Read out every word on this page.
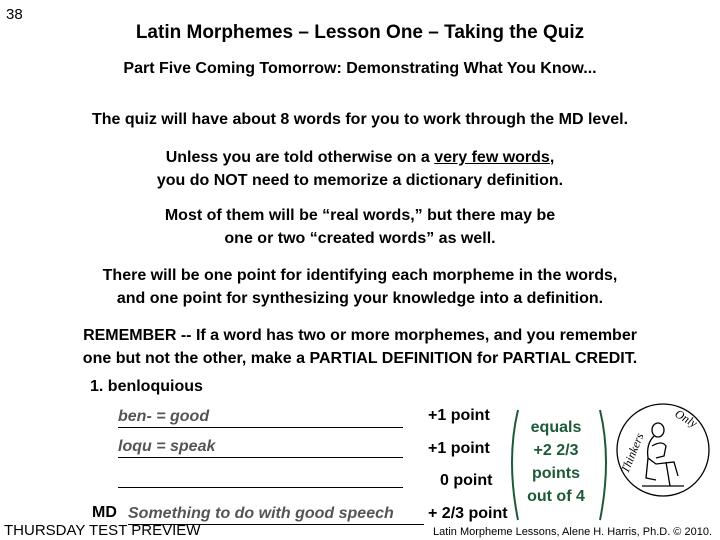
38
Latin Morphemes – Lesson One – Taking the Quiz
Part Five Coming Tomorrow: Demonstrating What You Know...
The quiz will have about 8 words for you to work through the MD level.
Unless you are told otherwise on a very few words,
you do NOT need to memorize a dictionary definition.
Most of them will be “real words,” but there may be
one or two “created words” as well.
There will be one point for identifying each morpheme in the words,
and one point for synthesizing your knowledge into a definition.
REMEMBER -- If a word has two or more morphemes, and you remember
one but not the other, make a PARTIAL DEFINITION for PARTIAL CREDIT.
1. benloquious
ben- = good
loqu = speak
+1 point
+1 point
0 point
equals
+2 2/3
points
out of 4
Thinkers
Only
MD Something to do with good speech	+ 2/3 point
THURSDAY TEST PREVIEW	Latin Morpheme Lessons, Alene H. Harris, Ph.D. © 2010.
